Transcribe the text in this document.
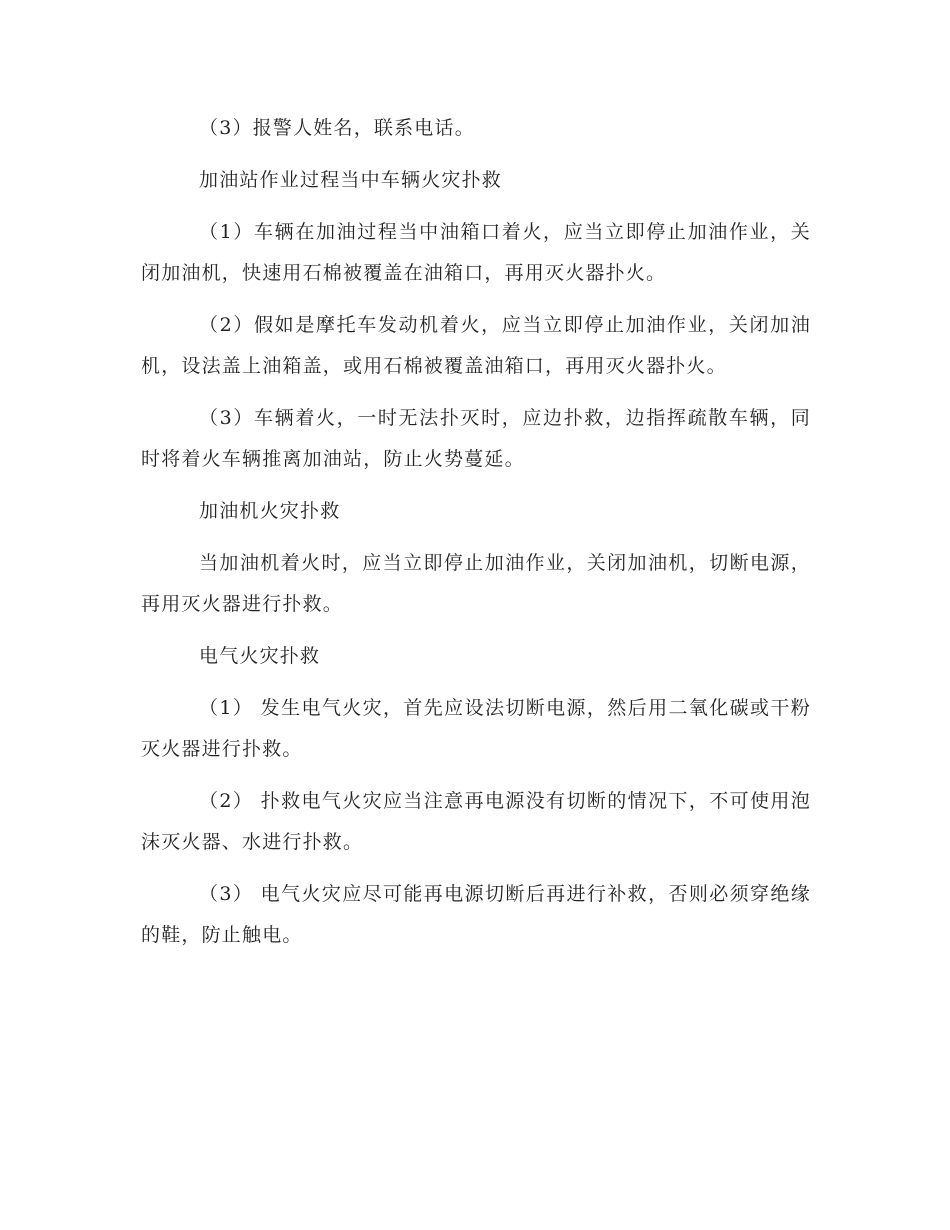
（3）报警人姓名，联系电话。

加油站作业过程当中车辆火灾扑救

（1）车辆在加油过程当中油箱口着火，应当立即停止加油作业，关闭加油机，快速用石棉被覆盖在油箱口，再用灭火器扑火。

（2）假如是摩托车发动机着火，应当立即停止加油作业，关闭加油机，设法盖上油箱盖，或用石棉被覆盖油箱口，再用灭火器扑火。

（3）车辆着火，一时无法扑灭时，应边扑救，边指挥疏散车辆，同时将着火车辆推离加油站，防止火势蔓延。

加油机火灾扑救

当加油机着火时，应当立即停止加油作业，关闭加油机，切断电源，再用灭火器进行扑救。

电气火灾扑救

（1） 发生电气火灾，首先应设法切断电源，然后用二氧化碳或干粉灭火器进行扑救。

（2） 扑救电气火灾应当注意再电源没有切断的情况下，不可使用泡沫灭火器、水进行扑救。

（3） 电气火灾应尽可能再电源切断后再进行补救，否则必须穿绝缘的鞋，防止触电。
